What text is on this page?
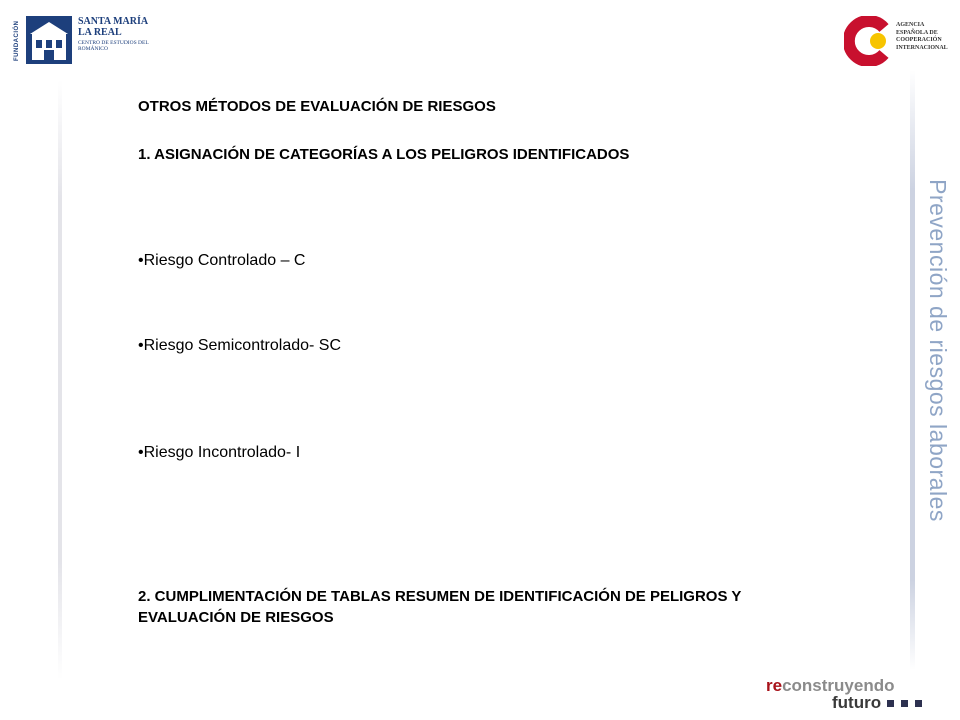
FUNDACIÓN	SANTA MARÍA
LA REAL
CENTRO DE ESTUDIOS DEL ROMÁNICO
AGENCIA
ESPAÑOLA DE
COOPERACIÓN
INTERNACIONAL

OTROS MÉTODOS DE EVALUACIÓN DE RIESGOS

1. ASIGNACIÓN DE CATEGORÍAS A LOS PELIGROS IDENTIFICADOS

•Riesgo Controlado – C

•Riesgo Semicontrolado- SC

•Riesgo Incontrolado- I

2. CUMPLIMENTACIÓN DE TABLAS RESUMEN DE IDENTIFICACIÓN DE PELIGROS Y EVALUACIÓN DE RIESGOS

Prevención de riesgos laborales
reconstruyendo
futuro
